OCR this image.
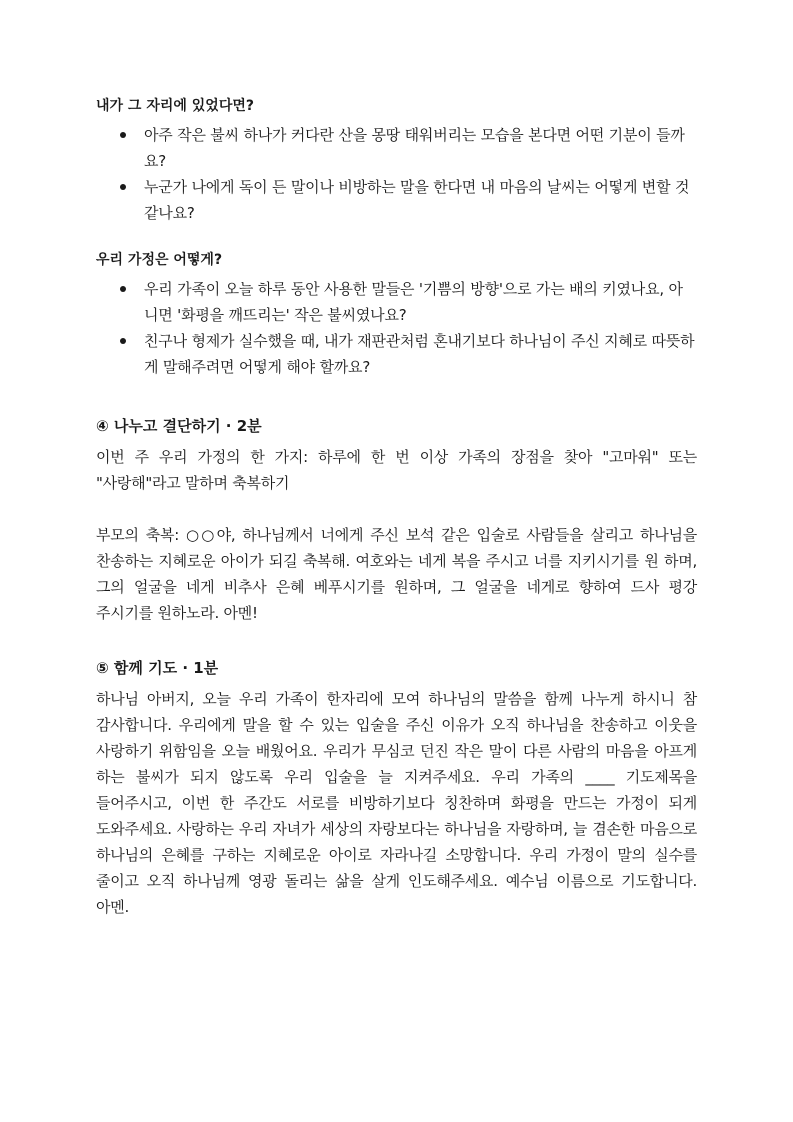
내가 그 자리에 있었다면?

아주 작은 불씨 하나가 커다란 산을 몽땅 태워버리는 모습을 본다면 어떤 기분이 들까요?
누군가 나에게 독이 든 말이나 비방하는 말을 한다면 내 마음의 날씨는 어떻게 변할 것 같나요?

우리 가정은 어떻게?

우리 가족이 오늘 하루 동안 사용한 말들은 '기쁨의 방향'으로 가는 배의 키였나요, 아니면 '화평을 깨뜨리는' 작은 불씨였나요?
친구나 형제가 실수했을 때, 내가 재판관처럼 혼내기보다 하나님이 주신 지혜로 따뜻하게 말해주려면 어떻게 해야 할까요?

④ 나누고 결단하기 · 2분

이번 주 우리 가정의 한 가지: 하루에 한 번 이상 가족의 장점을 찾아 "고마워" 또는 "사랑해"라고 말하며 축복하기

부모의 축복: ○○야, 하나님께서 너에게 주신 보석 같은 입술로 사람들을 살리고 하나님을 찬송하는 지혜로운 아이가 되길 축복해. 여호와는 네게 복을 주시고 너를 지키시기를 원 하며, 그의 얼굴을 네게 비추사 은혜 베푸시기를 원하며, 그 얼굴을 네게로 향하여 드사 평강 주시기를 원하노라. 아멘!

⑤ 함께 기도 · 1분

하나님 아버지, 오늘 우리 가족이 한자리에 모여 하나님의 말씀을 함께 나누게 하시니 참 감사합니다. 우리에게 말을 할 수 있는 입술을 주신 이유가 오직 하나님을 찬송하고 이웃을 사랑하기 위함임을 오늘 배웠어요. 우리가 무심코 던진 작은 말이 다른 사람의 마음을 아프게 하는 불씨가 되지 않도록 우리 입술을 늘 지켜주세요. 우리 가족의 ____ 기도제목을 들어주시고, 이번 한 주간도 서로를 비방하기보다 칭찬하며 화평을 만드는 가정이 되게 도와주세요. 사랑하는 우리 자녀가 세상의 자랑보다는 하나님을 자랑하며, 늘 겸손한 마음으로 하나님의 은혜를 구하는 지혜로운 아이로 자라나길 소망합니다. 우리 가정이 말의 실수를 줄이고 오직 하나님께 영광 돌리는 삶을 살게 인도해주세요. 예수님 이름으로 기도합니다. 아멘.
